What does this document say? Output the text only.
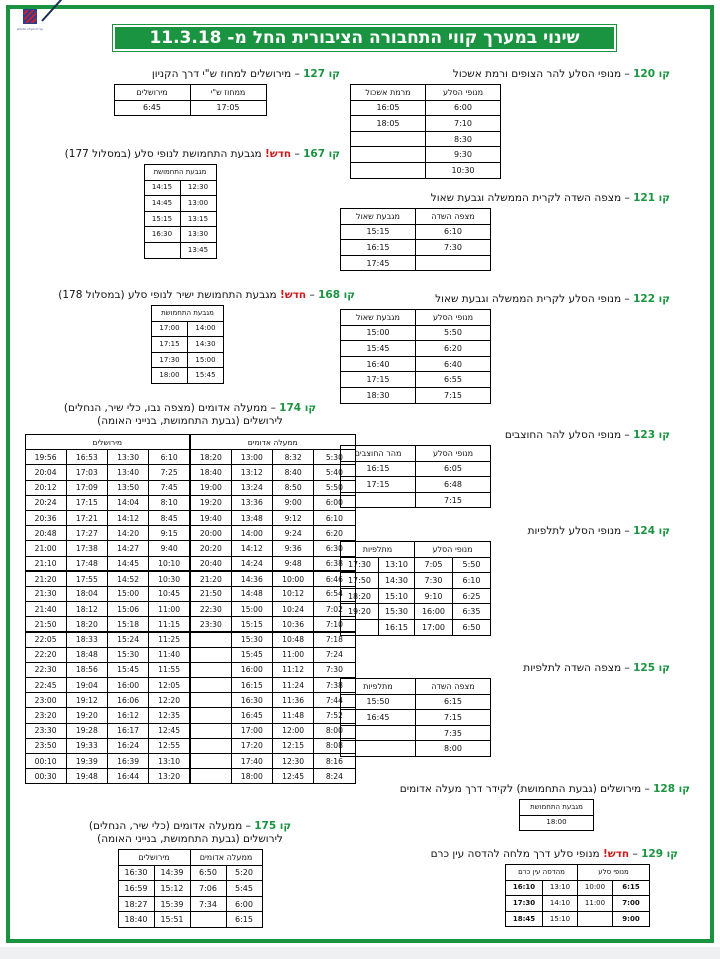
עיריית מעלה אדומים	שינוי במערך קווי התחבורה הציבורית החל מ- 11.3.18
קו 120 – מנופי הסלע להר הצופים ורמת אשכול
מנופי הסלע	מרמת אשכול
6:00	16:05
7:10	18:05
8:30	
9:30	
10:30	
קו 121 – מצפה השדה לקרית הממשלה וגבעת שאול
מצפה השדה	מגבעת שאול
6:10	15:15
7:30	16:15
	17:45
קו 122 – מנופי הסלע לקרית הממשלה וגבעת שאול
מנופי הסלע	מגבעת שאול
5:50	15:00
6:20	15:45
6:40	16:40
6:55	17:15
7:15	18:30
קו 123 – מנופי הסלע להר החוצבים
מנופי הסלע	מהר החוצבים
6:05	16:15
6:48	17:15
7:15	
קו 124 – מנופי הסלע לתלפיות
מנופי הסלע		מתלפיות	
5:50	7:05	13:10	17:30
6:10	7:30	14:30	17:50
6:25	9:10	15:10	18:20
6:35	16:00	15:30	19:20
6:50	17:00	16:15	
קו 125 – מצפה השדה לתלפיות
מצפה השדה	מתלפיות
6:15	15:50
7:15	16:45
7:35	
8:00	
קו 128 – מירושלים (גבעת התחמושת) לקידר דרך מעלה אדומים
מגבעת התחמושת
18:00
קו 129 – חדש! מנופי סלע דרך מלחה להדסה עין כרם
מנופי סלע		מהדסה עין כרם	
6:15	10:00	13:10	16:10
7:00	11:00	14:10	17:30
9:00		15:10	18:45
קו 127 – מירושלים למחוז ש"י דרך הקניון
ממחוז ש"י	מירושלים
17:05	6:45
קו 167 – חדש! מגבעת התחמושת לנופי סלע (במסלול 177)
מגבעת התחמושת	
12:30	14:15
13:00	14:45
13:15	15:15
13:30	16:30
13:45	
קו 168 – חדש! מגבעת התחמושת ישיר לנופי סלע (במסלול 178)
מגבעת התחמושת	
14:00	17:00
14:30	17:15
15:00	17:30
15:45	18:00
קו 174 – ממעלה אדומים (מצפה נבו, כלי שיר, הנחלים)
לירושלים (גבעת התחמושת, בנייני האומה)
ממעלה אדומים				מירושלים			
5:30	8:32	13:00	18:20	6:10	13:30	16:53	19:56
5:40	8:40	13:12	18:40	7:25	13:40	17:03	20:04
5:50	8:50	13:24	19:00	7:45	13:50	17:09	20:12
6:00	9:00	13:36	19:20	8:10	14:04	17:15	20:24
6:10	9:12	13:48	19:40	8:45	14:12	17:21	20:36
6:20	9:24	14:00	20:00	9:15	14:20	17:27	20:48
6:30	9:36	14:12	20:20	9:40	14:27	17:38	21:00
6:38	9:48	14:24	20:40	10:10	14:45	17:48	21:10
6:46	10:00	14:36	21:20	10:30	14:52	17:55	21:20
6:54	10:12	14:48	21:50	10:45	15:00	18:04	21:30
7:02	10:24	15:00	22:30	11:00	15:06	18:12	21:40
7:10	10:36	15:15	23:30	11:15	15:18	18:20	21:50
7:18	10:48	15:30		11:25	15:24	18:33	22:05
7:24	11:00	15:45		11:40	15:30	18:48	22:20
7:30	11:12	16:00		11:55	15:45	18:56	22:30
7:38	11:24	16:15		12:05	16:00	19:04	22:45
7:44	11:36	16:30		12:20	16:06	19:12	23:00
7:52	11:48	16:45		12:35	16:12	19:20	23:20
8:00	12:00	17:00		12:45	16:17	19:28	23:30
8:08	12:15	17:20		12:55	16:24	19:33	23:50
8:16	12:30	17:40		13:10	16:39	19:39	00:10
8:24	12:45	18:00		13:20	16:44	19:48	00:30
קו 175 – ממעלה אדומים (כלי שיר, הנחלים)
לירושלים (גבעת התחמושת, בנייני האומה)
ממעלה אדומים		מירושלים	
5:20	6:50	14:39	16:30
5:45	7:06	15:12	16:59
6:00	7:34	15:39	18:27
6:15		15:51	18:40
